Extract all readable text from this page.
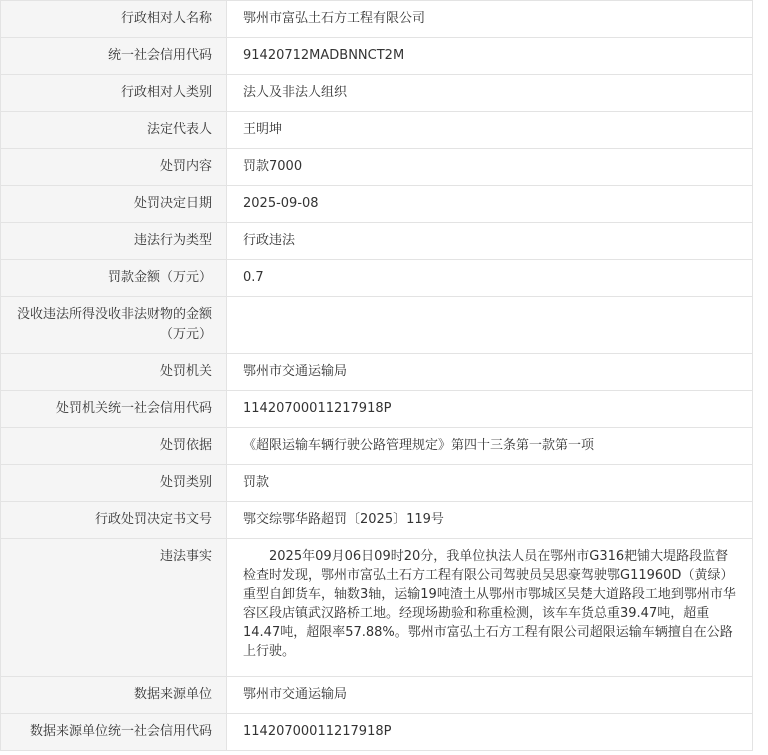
行政相对人名称	鄂州市富弘土石方工程有限公司
统一社会信用代码	91420712MADBNNCT2M
行政相对人类别	法人及非法人组织
法定代表人	王明坤
处罚内容	罚款7000
处罚决定日期	2025-09-08
违法行为类型	行政违法
罚款金额（万元）	0.7
没收违法所得没收非法财物的金额（万元）
处罚机关	鄂州市交通运输局
处罚机关统一社会信用代码	11420700011217918P
处罚依据	《超限运输车辆行驶公路管理规定》第四十三条第一款第一项
处罚类别	罚款
行政处罚决定书文号	鄂交综鄂华路超罚〔2025〕119号
违法事实	2025年09月06日09时20分，我单位执法人员在鄂州市G316耙铺大堤路段监督检查时发现，鄂州市富弘土石方工程有限公司驾驶员吴思豪驾驶鄂G11960D（黄绿）重型自卸货车，轴数3轴，运输19吨渣土从鄂州市鄂城区吴楚大道路段工地到鄂州市华容区段店镇武汉路桥工地。经现场勘验和称重检测，该车车货总重39.47吨，超重14.47吨，超限率57.88%。鄂州市富弘土石方工程有限公司超限运输车辆擅自在公路上行驶。
数据来源单位	鄂州市交通运输局
数据来源单位统一社会信用代码	11420700011217918P
